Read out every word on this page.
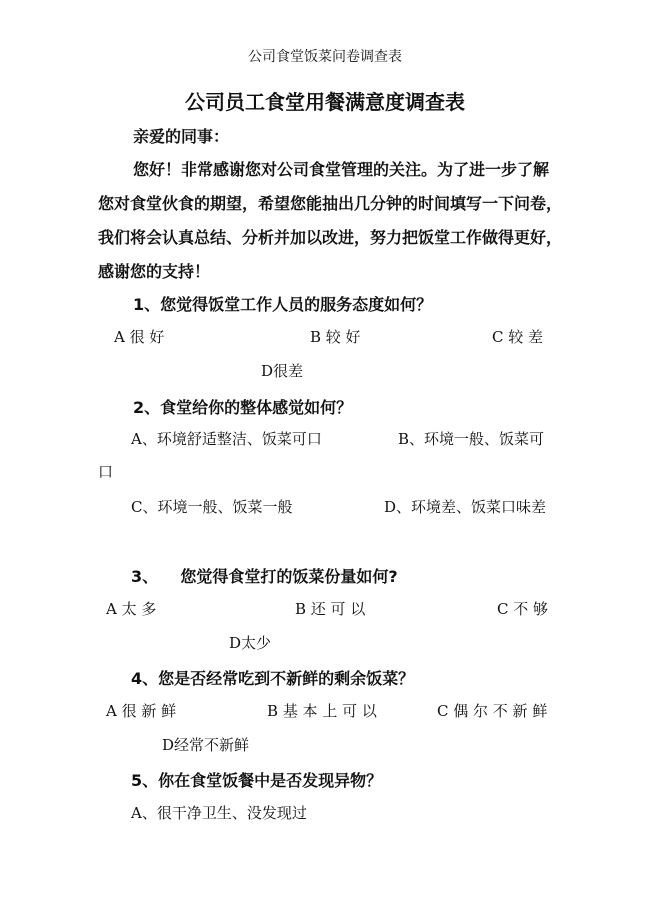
公司食堂饭菜问卷调查表
公司员工食堂用餐满意度调查表
亲爱的同事：
您好！非常感谢您对公司食堂管理的关注。为了进一步了解
您对食堂伙食的期望，希望您能抽出几分钟的时间填写一下问卷，
我们将会认真总结、分析并加以改进，努力把饭堂工作做得更好，
感谢您的支持！
1、您觉得饭堂工作人员的服务态度如何？
A 很 好	B 较 好	C 较 差
D很差
2、食堂给你的整体感觉如何？
A、环境舒适整洁、饭菜可口	B、环境一般、饭菜可
口
C、环境一般、饭菜一般	D、环境差、饭菜口味差
3、    您觉得食堂打的饭菜份量如何?
A 太 多	B 还 可 以	C 不 够
D太少
4、您是否经常吃到不新鲜的剩余饭菜？
A 很 新 鲜	B 基 本 上 可 以	C 偶 尔 不 新 鲜
D经常不新鲜
5、你在食堂饭餐中是否发现异物？
A、很干净卫生、没发现过
